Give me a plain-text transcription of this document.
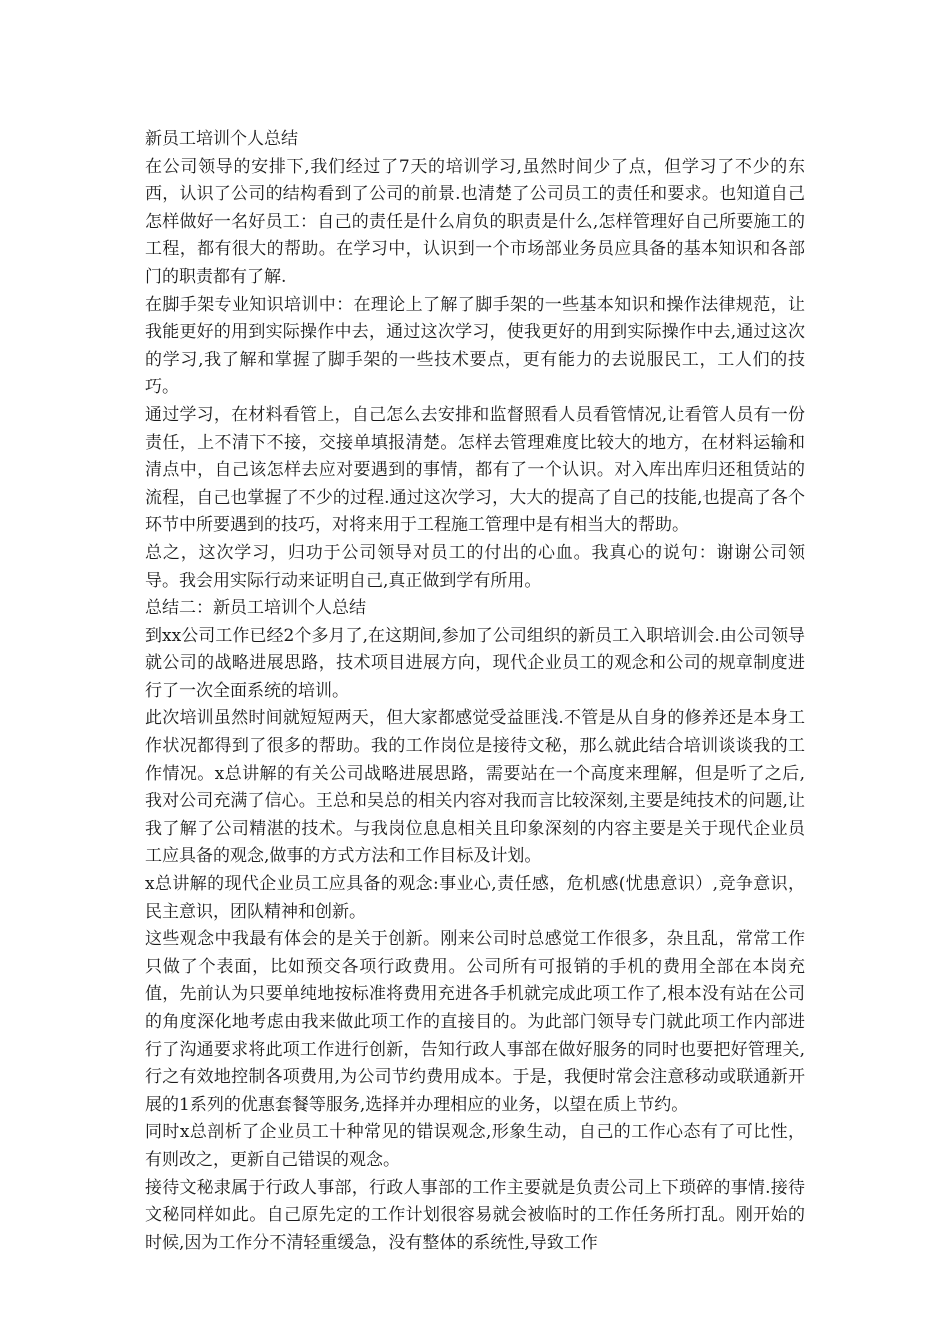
新员工培训个人总结

在公司领导的安排下,我们经过了7天的培训学习,虽然时间少了点，但学习了不少的东西，认识了公司的结构看到了公司的前景.也清楚了公司员工的责任和要求。也知道自己怎样做好一名好员工：自己的责任是什么肩负的职责是什么,怎样管理好自己所要施工的工程，都有很大的帮助。在学习中，认识到一个市场部业务员应具备的基本知识和各部门的职责都有了解.

在脚手架专业知识培训中：在理论上了解了脚手架的一些基本知识和操作法律规范，让我能更好的用到实际操作中去，通过这次学习，使我更好的用到实际操作中去,通过这次的学习,我了解和掌握了脚手架的一些技术要点，更有能力的去说服民工，工人们的技巧。

通过学习，在材料看管上，自己怎么去安排和监督照看人员看管情况,让看管人员有一份责任，上不清下不接，交接单填报清楚。怎样去管理难度比较大的地方，在材料运输和清点中，自己该怎样去应对要遇到的事情，都有了一个认识。对入库出库归还租赁站的流程，自己也掌握了不少的过程.通过这次学习，大大的提高了自己的技能,也提高了各个环节中所要遇到的技巧，对将来用于工程施工管理中是有相当大的帮助。

总之，这次学习，归功于公司领导对员工的付出的心血。我真心的说句：谢谢公司领导。我会用实际行动来证明自己,真正做到学有所用。

总结二：新员工培训个人总结

到xx公司工作已经2个多月了,在这期间,参加了公司组织的新员工入职培训会.由公司领导就公司的战略进展思路，技术项目进展方向，现代企业员工的观念和公司的规章制度进行了一次全面系统的培训。

此次培训虽然时间就短短两天，但大家都感觉受益匪浅.不管是从自身的修养还是本身工作状况都得到了很多的帮助。我的工作岗位是接待文秘，那么就此结合培训谈谈我的工作情况。x总讲解的有关公司战略进展思路，需要站在一个高度来理解，但是听了之后,我对公司充满了信心。王总和吴总的相关内容对我而言比较深刻,主要是纯技术的问题,让我了解了公司精湛的技术。与我岗位息息相关且印象深刻的内容主要是关于现代企业员工应具备的观念,做事的方式方法和工作目标及计划。

x总讲解的现代企业员工应具备的观念:事业心,责任感，危机感(忧患意识）,竞争意识，民主意识，团队精神和创新。

这些观念中我最有体会的是关于创新。刚来公司时总感觉工作很多，杂且乱，常常工作只做了个表面，比如预交各项行政费用。公司所有可报销的手机的费用全部在本岗充值，先前认为只要单纯地按标准将费用充进各手机就完成此项工作了,根本没有站在公司的角度深化地考虑由我来做此项工作的直接目的。为此部门领导专门就此项工作内部进行了沟通要求将此项工作进行创新，告知行政人事部在做好服务的同时也要把好管理关,行之有效地控制各项费用,为公司节约费用成本。于是，我便时常会注意移动或联通新开展的1系列的优惠套餐等服务,选择并办理相应的业务，以望在质上节约。

同时x总剖析了企业员工十种常见的错误观念,形象生动，自己的工作心态有了可比性，有则改之，更新自己错误的观念。

接待文秘隶属于行政人事部，行政人事部的工作主要就是负责公司上下琐碎的事情.接待文秘同样如此。自己原先定的工作计划很容易就会被临时的工作任务所打乱。刚开始的时候,因为工作分不清轻重缓急，没有整体的系统性,导致工作
